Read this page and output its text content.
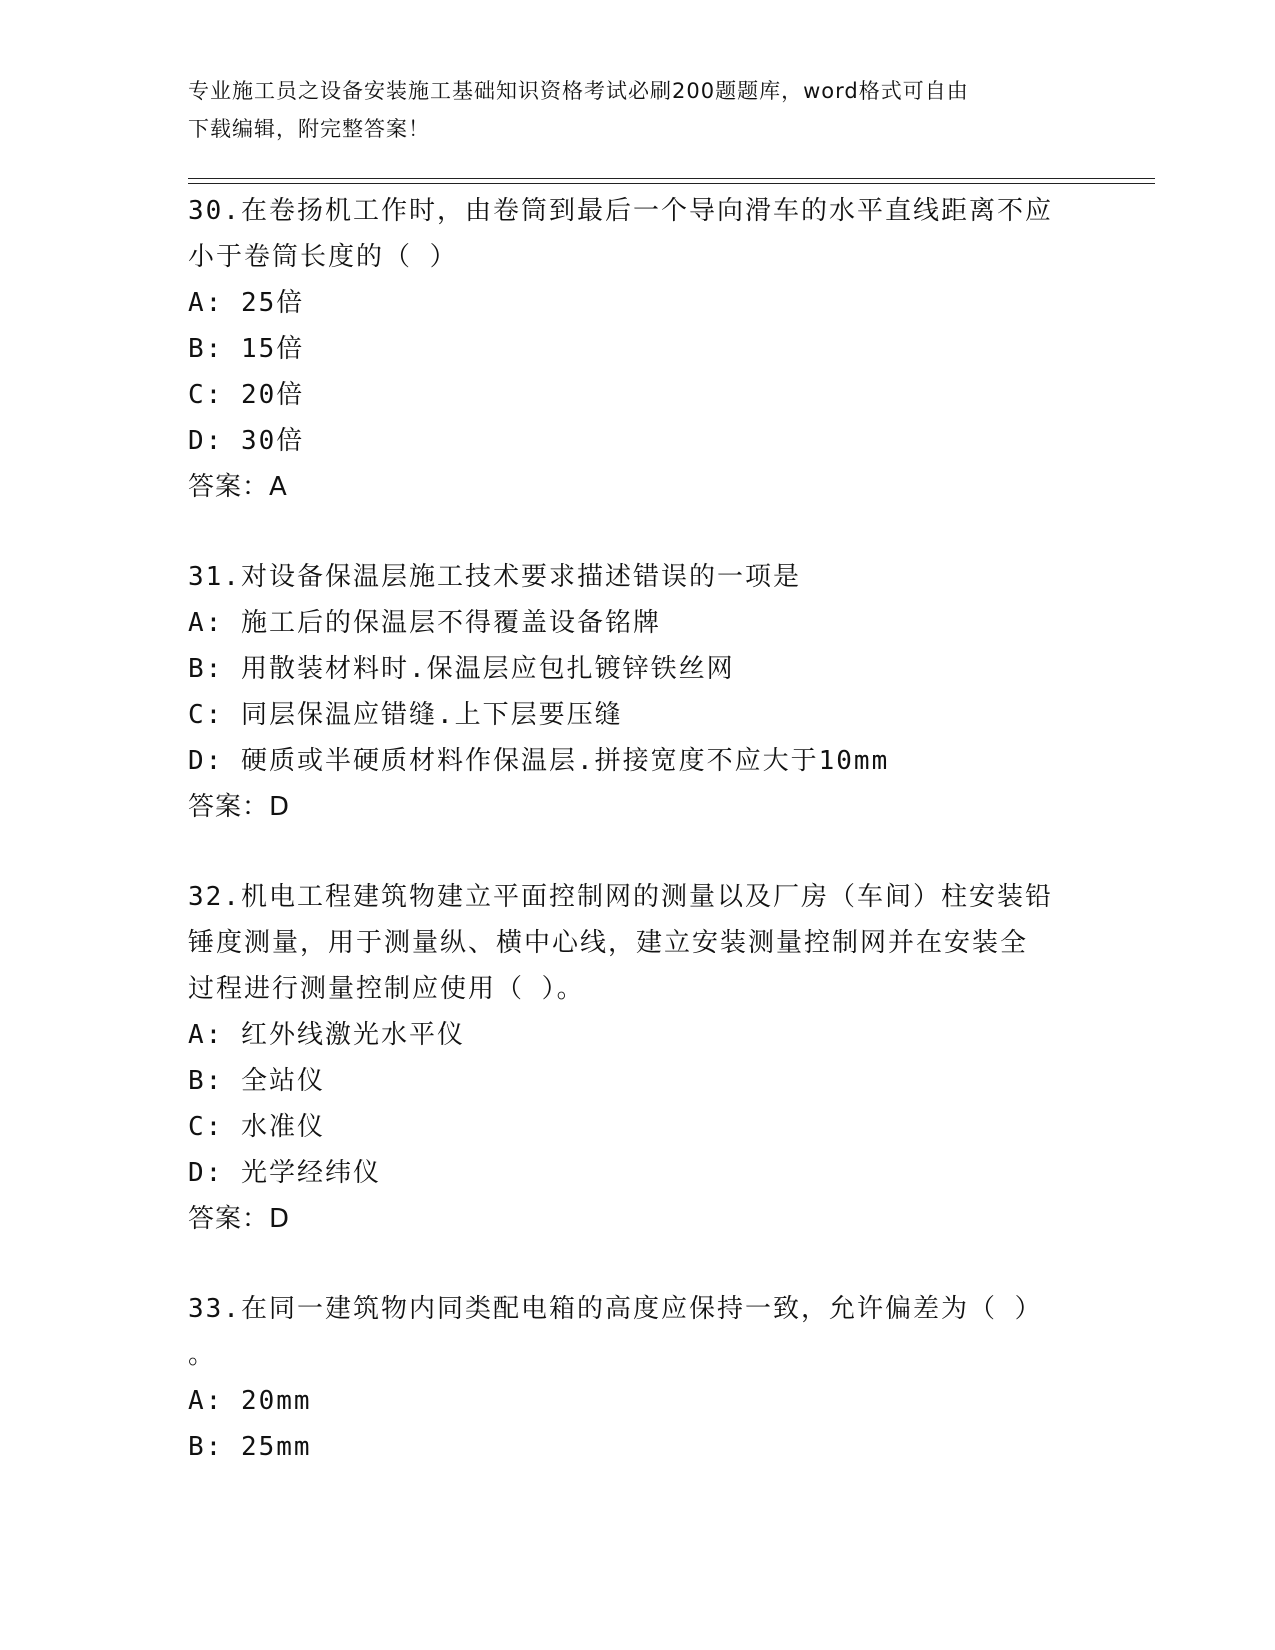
专业施工员之设备安装施工基础知识资格考试必刷200题题库，word格式可自由
下载编辑，附完整答案！
30.在卷扬机工作时，由卷筒到最后一个导向滑车的水平直线距离不应
小于卷筒长度的（ ）
A: 25倍
B: 15倍
C: 20倍
D: 30倍
答案：A
31.对设备保温层施工技术要求描述错误的一项是
A: 施工后的保温层不得覆盖设备铭牌
B: 用散装材料时.保温层应包扎镀锌铁丝网
C: 同层保温应错缝.上下层要压缝
D: 硬质或半硬质材料作保温层.拼接宽度不应大于10mm
答案：D
32.机电工程建筑物建立平面控制网的测量以及厂房（车间）柱安装铅
锤度测量，用于测量纵、横中心线，建立安装测量控制网并在安装全
过程进行测量控制应使用（ ）。
A: 红外线激光水平仪
B: 全站仪
C: 水准仪
D: 光学经纬仪
答案：D
33.在同一建筑物内同类配电箱的高度应保持一致，允许偏差为（ ）
。
A: 20mm
B: 25mm
